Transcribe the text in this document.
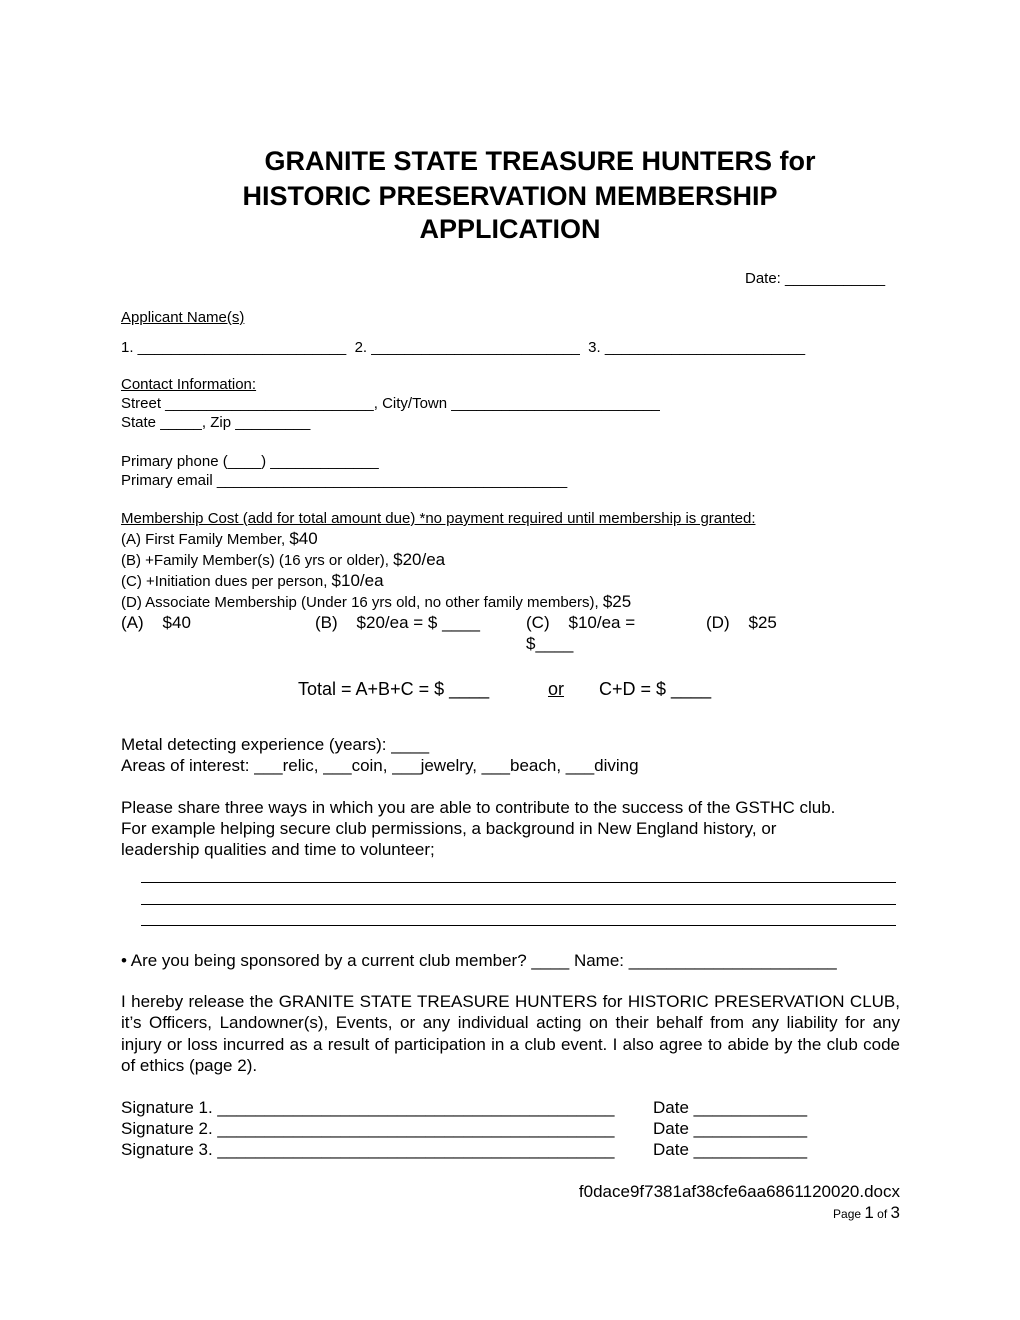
GRANITE STATE TREASURE HUNTERS for
HISTORIC PRESERVATION MEMBERSHIP
APPLICATION
Date: ____________
Applicant Name(s)
1. _________________________  2. _________________________  3. ________________________
Contact Information:
Street _________________________, City/Town _________________________
State _____, Zip _________
Primary phone (____) _____________
Primary email __________________________________________
Membership Cost (add for total amount due) *no payment required until membership is granted:
(A) First Family Member, $40
(B) +Family Member(s) (16 yrs or older), $20/ea
(C) +Initiation dues per person, $10/ea
(D) Associate Membership (Under 16 yrs old, no other family members), $25
(A)    $40	(B)    $20/ea = $ ____	(C)    $10/ea =
$____
(D)    $25
Total = A+B+C = $ ____	or C+D = $ ____
Metal detecting experience (years): ____
Areas of interest: ___relic, ___coin, ___jewelry, ___beach, ___diving
Please share three ways in which you are able to contribute to the success of the GSTHC club.
For example helping secure club permissions, a background in New England history, or
leadership qualities and time to volunteer;
• Are you being sponsored by a current club member? ____ Name: ______________________
I hereby release the GRANITE STATE TREASURE HUNTERS for HISTORIC PRESERVATION CLUB, it’s Officers, Landowner(s), Events, or any individual acting on their behalf from any liability for any injury or loss incurred as a result of participation in a club event. I also agree to abide by the club code of ethics (page 2).
Signature 1. __________________________________________ Date ____________
Signature 2. __________________________________________ Date ____________
Signature 3. __________________________________________ Date ____________
f0dace9f7381af38cfe6aa6861120020.docx
Page 1 of 3
